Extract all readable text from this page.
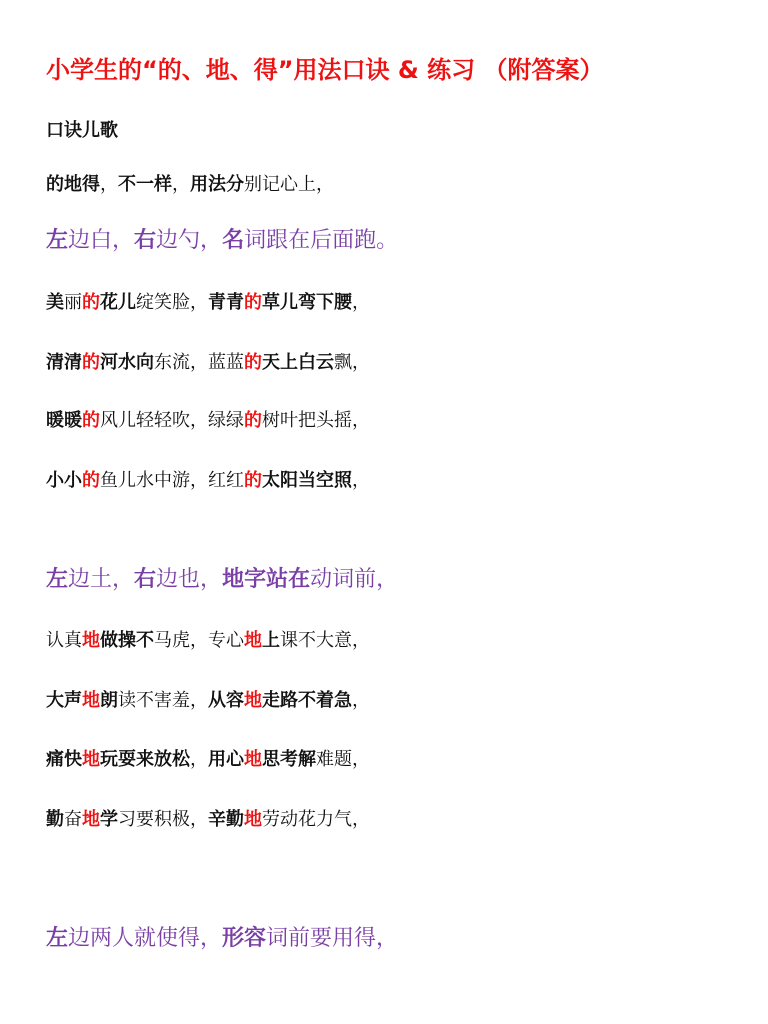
小学生的“的、地、得”用法口诀 & 练习 （附答案）
口诀儿歌
的地得，不一样，用法分别记心上，
左边白，右边勺，名词跟在后面跑。
美丽的花儿绽笑脸，青青的草儿弯下腰，
清清的河水向东流，蓝蓝的天上白云飘，
暖暖的风儿轻轻吹，绿绿的树叶把头摇，
小小的鱼儿水中游，红红的太阳当空照，
左边土，右边也，地字站在动词前，
认真地做操不马虎，专心地上课不大意，
大声地朗读不害羞，从容地走路不着急，
痛快地玩耍来放松，用心地思考解难题，
勤奋地学习要积极，辛勤地劳动花力气，
左边两人就使得，形容词前要用得，
